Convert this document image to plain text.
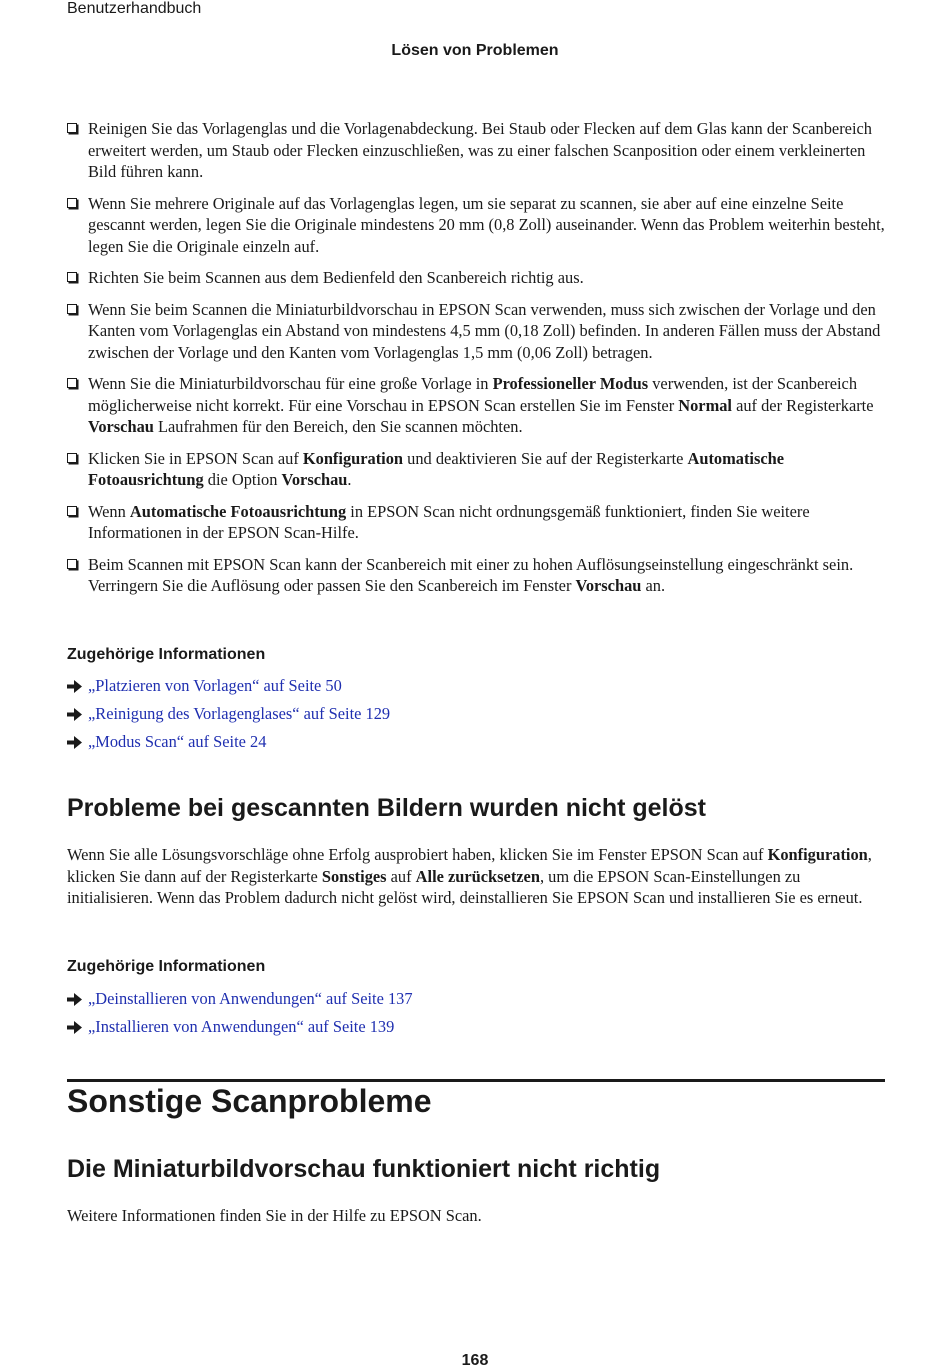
Benutzerhandbuch
Lösen von Problemen
Reinigen Sie das Vorlagenglas und die Vorlagenabdeckung. Bei Staub oder Flecken auf dem Glas kann der Scanbereich erweitert werden, um Staub oder Flecken einzuschließen, was zu einer falschen Scanposition oder einem verkleinerten Bild führen kann.
Wenn Sie mehrere Originale auf das Vorlagenglas legen, um sie separat zu scannen, sie aber auf eine einzelne Seite gescannt werden, legen Sie die Originale mindestens 20 mm (0,8 Zoll) auseinander. Wenn das Problem weiterhin besteht, legen Sie die Originale einzeln auf.
Richten Sie beim Scannen aus dem Bedienfeld den Scanbereich richtig aus.
Wenn Sie beim Scannen die Miniaturbildvorschau in EPSON Scan verwenden, muss sich zwischen der Vorlage und den Kanten vom Vorlagenglas ein Abstand von mindestens 4,5 mm (0,18 Zoll) befinden. In anderen Fällen muss der Abstand zwischen der Vorlage und den Kanten vom Vorlagenglas 1,5 mm (0,06 Zoll) betragen.
Wenn Sie die Miniaturbildvorschau für eine große Vorlage in Professioneller Modus verwenden, ist der Scanbereich möglicherweise nicht korrekt. Für eine Vorschau in EPSON Scan erstellen Sie im Fenster Normal auf der Registerkarte Vorschau Laufrahmen für den Bereich, den Sie scannen möchten.
Klicken Sie in EPSON Scan auf Konfiguration und deaktivieren Sie auf der Registerkarte Automatische Fotoausrichtung die Option Vorschau.
Wenn Automatische Fotoausrichtung in EPSON Scan nicht ordnungsgemäß funktioniert, finden Sie weitere Informationen in der EPSON Scan-Hilfe.
Beim Scannen mit EPSON Scan kann der Scanbereich mit einer zu hohen Auflösungseinstellung eingeschränkt sein. Verringern Sie die Auflösung oder passen Sie den Scanbereich im Fenster Vorschau an.
Zugehörige Informationen
„Platzieren von Vorlagen“ auf Seite 50
„Reinigung des Vorlagenglases“ auf Seite 129
„Modus Scan“ auf Seite 24
Probleme bei gescannten Bildern wurden nicht gelöst

Wenn Sie alle Lösungsvorschläge ohne Erfolg ausprobiert haben, klicken Sie im Fenster EPSON Scan auf Konfiguration, klicken Sie dann auf der Registerkarte Sonstiges auf Alle zurücksetzen, um die EPSON Scan-Einstellungen zu initialisieren. Wenn das Problem dadurch nicht gelöst wird, deinstallieren Sie EPSON Scan und installieren Sie es erneut.

Zugehörige Informationen
„Deinstallieren von Anwendungen“ auf Seite 137
„Installieren von Anwendungen“ auf Seite 139
Sonstige Scanprobleme
Die Miniaturbildvorschau funktioniert nicht richtig

Weitere Informationen finden Sie in der Hilfe zu EPSON Scan.

168
